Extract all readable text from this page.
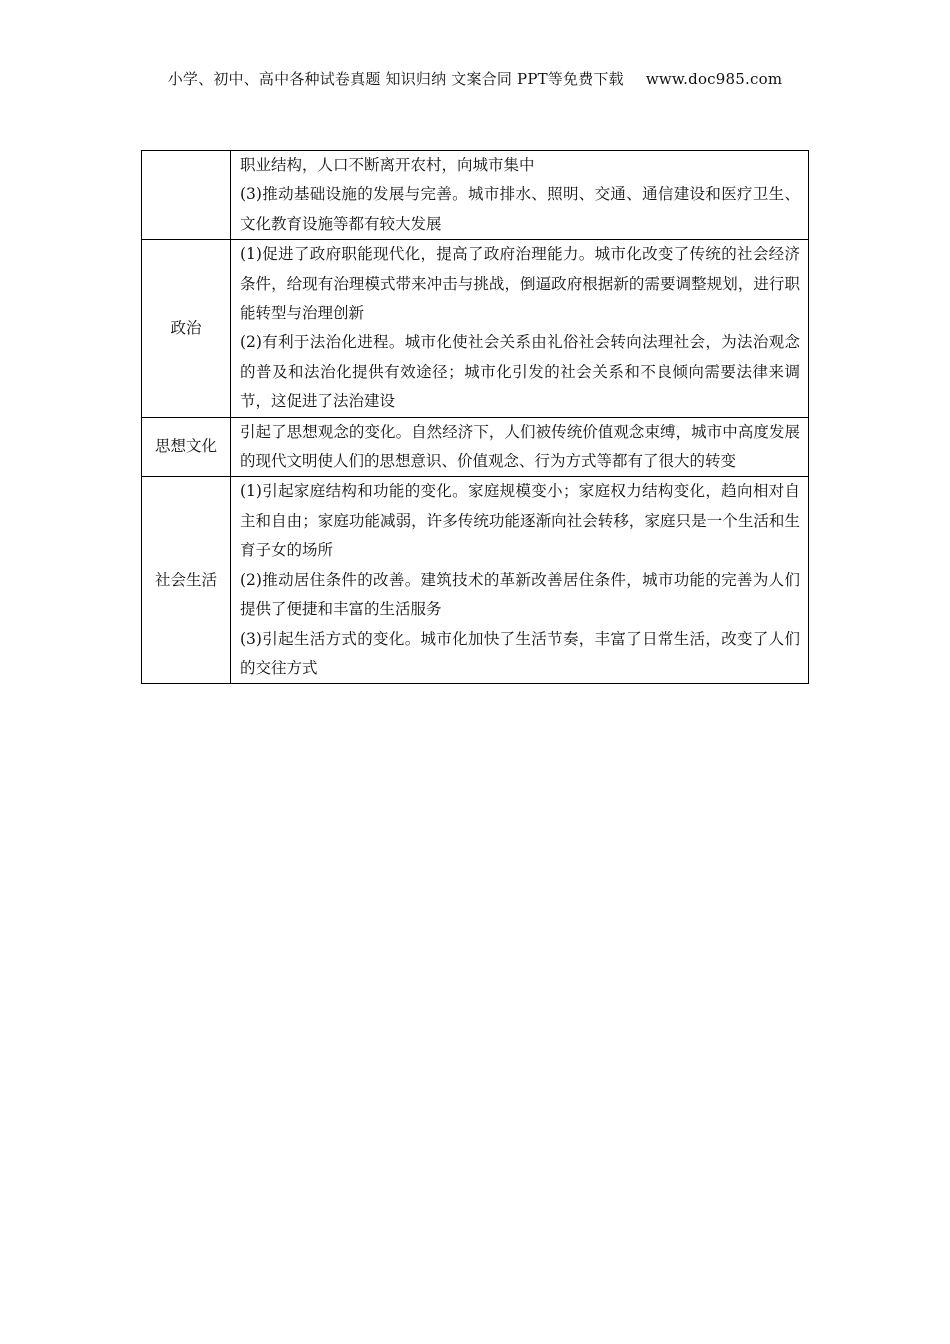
小学、初中、高中各种试卷真题 知识归纳 文案合同 PPT等免费下载 www.doc985.com

	职业结构，人口不断离开农村，向城市集中
(3)推动基础设施的发展与完善。城市排水、照明、交通、通信建设和医疗卫生、文化教育设施等都有较大发展

政治	(1)促进了政府职能现代化，提高了政府治理能力。城市化改变了传统的社会经济条件，给现有治理模式带来冲击与挑战，倒逼政府根据新的需要调整规划，进行职能转型与治理创新
(2)有利于法治化进程。城市化使社会关系由礼俗社会转向法理社会，为法治观念的普及和法治化提供有效途径；城市化引发的社会关系和不良倾向需要法律来调节，这促进了法治建设

思想文化	引起了思想观念的变化。自然经济下，人们被传统价值观念束缚，城市中高度发展的现代文明使人们的思想意识、价值观念、行为方式等都有了很大的转变

社会生活	(1)引起家庭结构和功能的变化。家庭规模变小；家庭权力结构变化，趋向相对自主和自由；家庭功能减弱，许多传统功能逐渐向社会转移，家庭只是一个生活和生育子女的场所
(2)推动居住条件的改善。建筑技术的革新改善居住条件，城市功能的完善为人们提供了便捷和丰富的生活服务
(3)引起生活方式的变化。城市化加快了生活节奏，丰富了日常生活，改变了人们的交往方式
